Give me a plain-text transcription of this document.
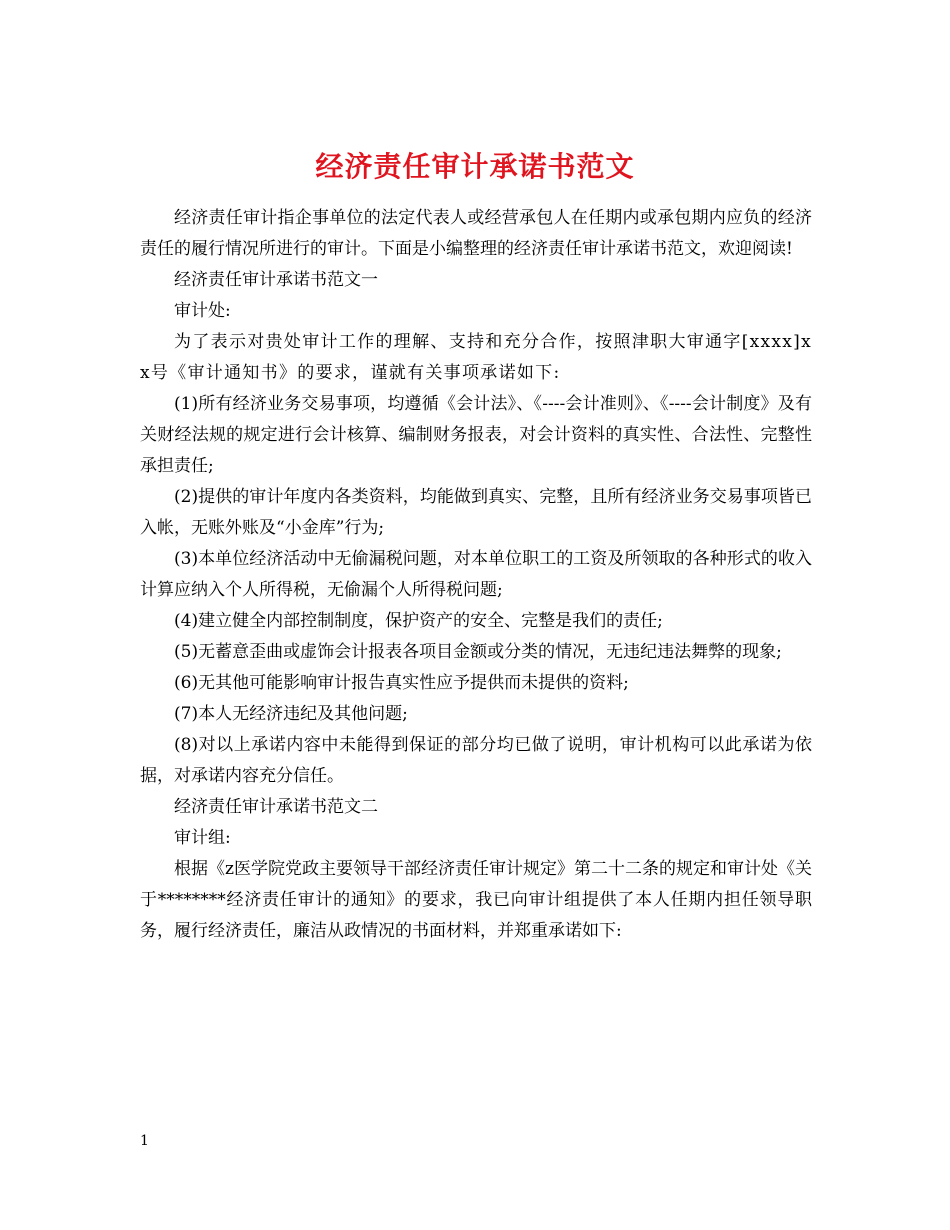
经济责任审计承诺书范文

经济责任审计指企事单位的法定代表人或经营承包人在任期内或承包期内应负的经济责任的履行情况所进行的审计。下面是小编整理的经济责任审计承诺书范文，欢迎阅读!

经济责任审计承诺书范文一

审计处:

为了表示对贵处审计工作的理解、支持和充分合作，按照津职大审通字[xxxx]xx号《审计通知书》的要求，谨就有关事项承诺如下:

(1)所有经济业务交易事项，均遵循《会计法》、《----会计准则》、《----会计制度》及有关财经法规的规定进行会计核算、编制财务报表，对会计资料的真实性、合法性、完整性承担责任;

(2)提供的审计年度内各类资料，均能做到真实、完整，且所有经济业务交易事项皆已入帐，无账外账及“小金库”行为;

(3)本单位经济活动中无偷漏税问题，对本单位职工的工资及所领取的各种形式的收入计算应纳入个人所得税，无偷漏个人所得税问题;

(4)建立健全内部控制制度，保护资产的安全、完整是我们的责任;

(5)无蓄意歪曲或虚饰会计报表各项目金额或分类的情况，无违纪违法舞弊的现象;

(6)无其他可能影响审计报告真实性应予提供而未提供的资料;

(7)本人无经济违纪及其他问题;

(8)对以上承诺内容中未能得到保证的部分均已做了说明，审计机构可以此承诺为依据，对承诺内容充分信任。

经济责任审计承诺书范文二

审计组:

根据《z医学院党政主要领导干部经济责任审计规定》第二十二条的规定和审计处《关于********经济责任审计的通知》的要求，我已向审计组提供了本人任期内担任领导职务，履行经济责任，廉洁从政情况的书面材料，并郑重承诺如下:

1
